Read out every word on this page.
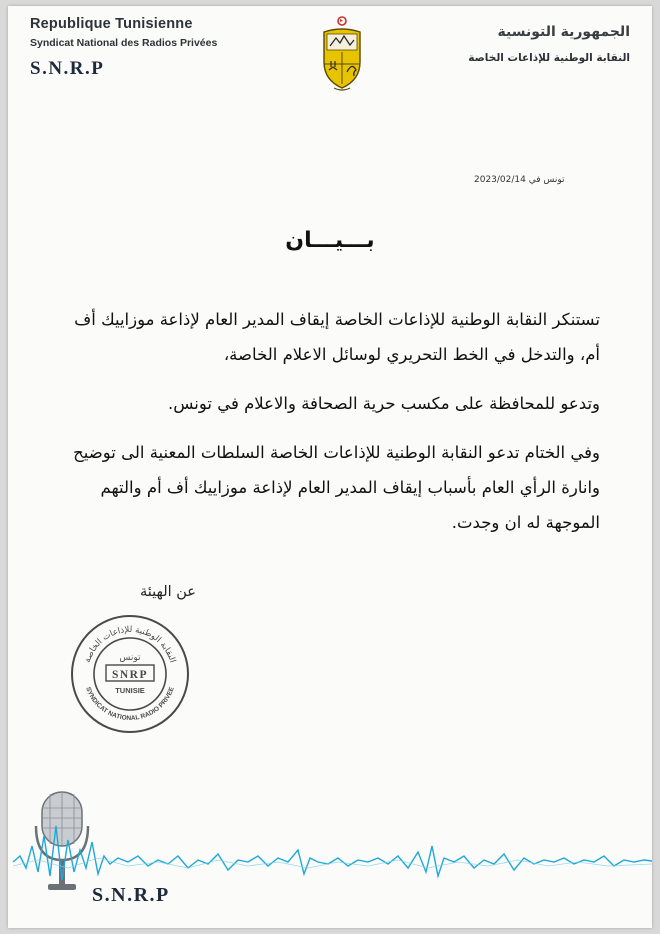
Republique Tunisienne
Syndicat National des Radios Privées
S.N.R.P
الجمهورية التونسية
النقابة الوطنية للإذاعات الخاصة
تونس في 2023/02/14
بـــيـــان

تستنكر النقابة الوطنية للإذاعات الخاصة إيقاف المدير العام لإذاعة موزاييك أف أم، والتدخل في الخط التحريري لوسائل الاعلام الخاصة،

وتدعو للمحافظة على مكسب حرية الصحافة والاعلام في تونس.

وفي الختام تدعو النقابة الوطنية للإذاعات الخاصة السلطات المعنية الى توضيح وانارة الرأي العام بأسباب إيقاف المدير العام لإذاعة موزاييك أف أم والتهم الموجهة له ان وجدت.

عن الهيئة
النقابة الوطنية للإذاعات الخاصة
SYNDICAT NATIONAL RADIO PRIVEE
تونس
SNRP
TUNISIE
S.N.R.P
